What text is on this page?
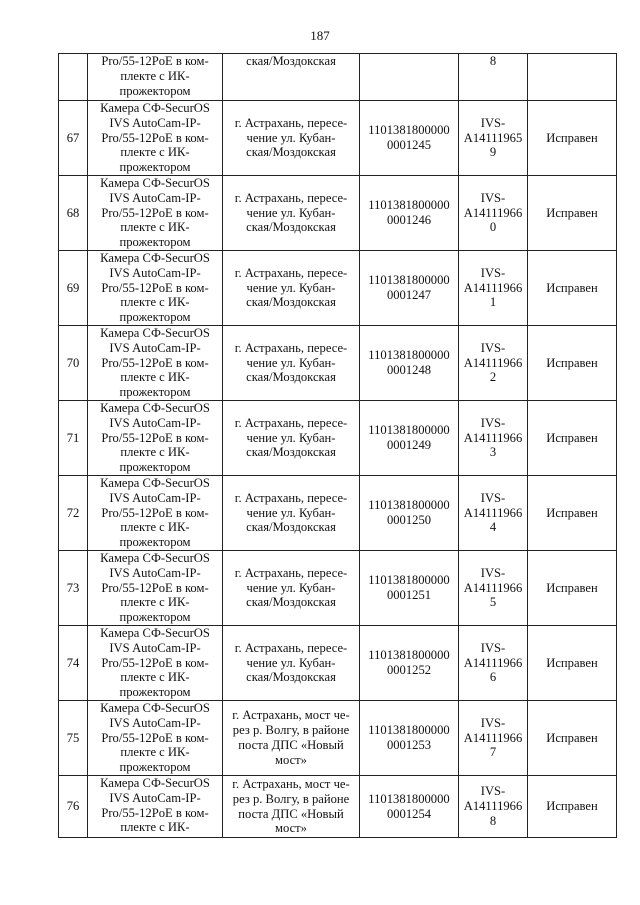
187

	Pro/55-12PoE в ком-
плекте с ИК-
прожектором	ская/Моздокская		8	

67	Камера СФ-SecurOS
IVS AutoCam-IP-
Pro/55-12PoE в ком-
плекте с ИК-
прожектором	г. Астрахань, пересе-
чение ул. Кубан-
ская/Моздокская	1101381800000
0001245	IVS-
A14111965
9	Исправен
68	Камера СФ-SecurOS
IVS AutoCam-IP-
Pro/55-12PoE в ком-
плекте с ИК-
прожектором	г. Астрахань, пересе-
чение ул. Кубан-
ская/Моздокская	1101381800000
0001246	IVS-
A14111966
0	Исправен
69	Камера СФ-SecurOS
IVS AutoCam-IP-
Pro/55-12PoE в ком-
плекте с ИК-
прожектором	г. Астрахань, пересе-
чение ул. Кубан-
ская/Моздокская	1101381800000
0001247	IVS-
A14111966
1	Исправен
70	Камера СФ-SecurOS
IVS AutoCam-IP-
Pro/55-12PoE в ком-
плекте с ИК-
прожектором	г. Астрахань, пересе-
чение ул. Кубан-
ская/Моздокская	1101381800000
0001248	IVS-
A14111966
2	Исправен
71	Камера СФ-SecurOS
IVS AutoCam-IP-
Pro/55-12PoE в ком-
плекте с ИК-
прожектором	г. Астрахань, пересе-
чение ул. Кубан-
ская/Моздокская	1101381800000
0001249	IVS-
A14111966
3	Исправен
72	Камера СФ-SecurOS
IVS AutoCam-IP-
Pro/55-12PoE в ком-
плекте с ИК-
прожектором	г. Астрахань, пересе-
чение ул. Кубан-
ская/Моздокская	1101381800000
0001250	IVS-
A14111966
4	Исправен
73	Камера СФ-SecurOS
IVS AutoCam-IP-
Pro/55-12PoE в ком-
плекте с ИК-
прожектором	г. Астрахань, пересе-
чение ул. Кубан-
ская/Моздокская	1101381800000
0001251	IVS-
A14111966
5	Исправен
74	Камера СФ-SecurOS
IVS AutoCam-IP-
Pro/55-12PoE в ком-
плекте с ИК-
прожектором	г. Астрахань, пересе-
чение ул. Кубан-
ская/Моздокская	1101381800000
0001252	IVS-
A14111966
6	Исправен
75	Камера СФ-SecurOS
IVS AutoCam-IP-
Pro/55-12PoE в ком-
плекте с ИК-
прожектором	г. Астрахань, мост че-
рез р. Волгу, в районе
поста ДПС «Новый
мост»	1101381800000
0001253	IVS-
A14111966
7	Исправен
76	Камера СФ-SecurOS
IVS AutoCam-IP-
Pro/55-12PoE в ком-
плекте с ИК-	г. Астрахань, мост че-
рез р. Волгу, в районе
поста ДПС «Новый
мост»	1101381800000
0001254	IVS-
A14111966
8	Исправен
